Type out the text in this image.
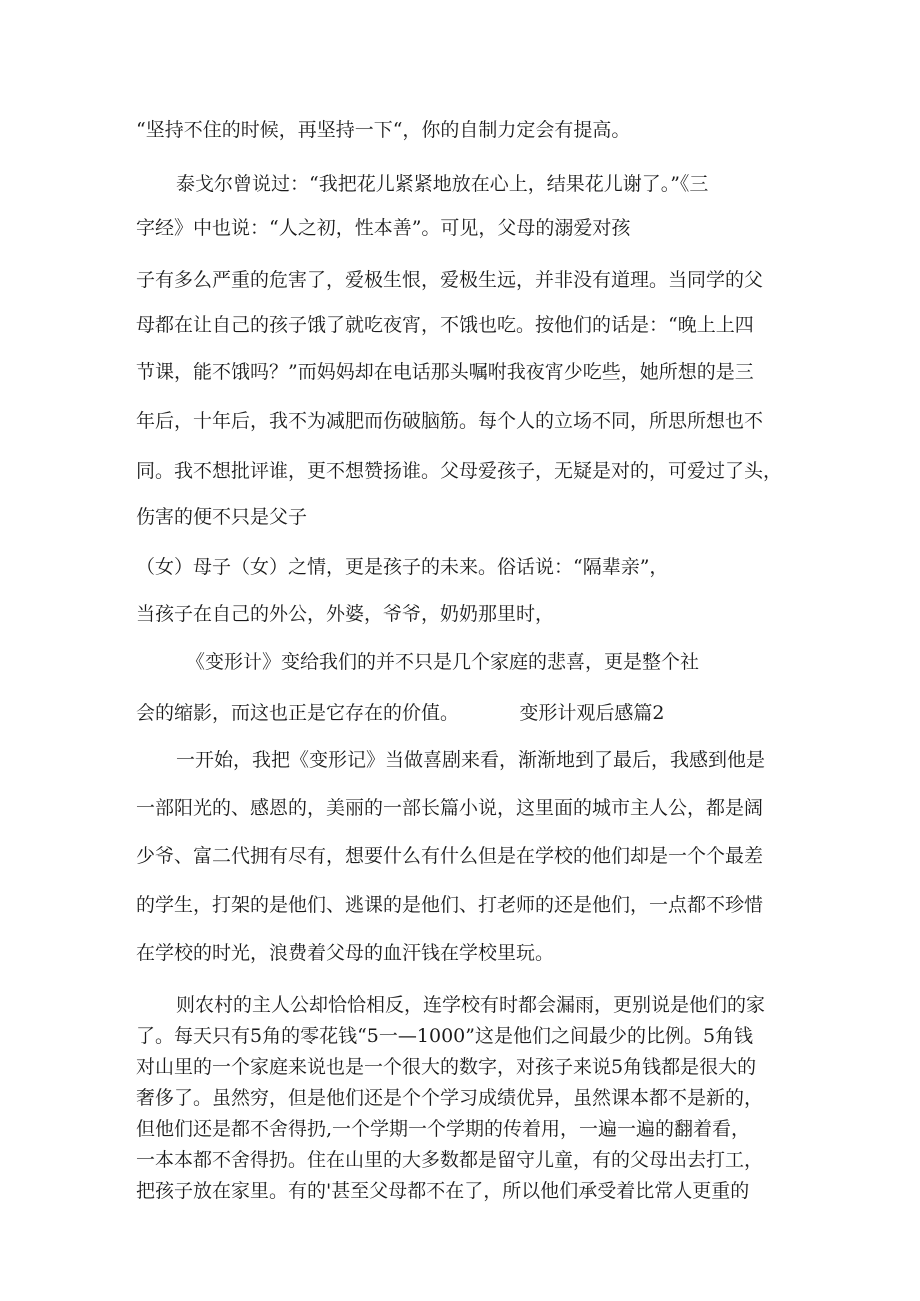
“坚持不住的时候，再坚持一下“，你的自制力定会有提高。
泰戈尔曾说过：“我把花儿紧紧地放在心上，结果花儿谢了。”《三
字经》中也说：“人之初，性本善”。可见，父母的溺爱对孩
子有多么严重的危害了，爱极生恨，爱极生远，并非没有道理。当同学的父
母都在让自己的孩子饿了就吃夜宵，不饿也吃。按他们的话是：“晚上上四
节课，能不饿吗？”而妈妈却在电话那头嘱咐我夜宵少吃些，她所想的是三
年后，十年后，我不为减肥而伤破脑筋。每个人的立场不同，所思所想也不
同。我不想批评谁，更不想赞扬谁。父母爱孩子，无疑是对的，可爱过了头，
伤害的便不只是父子
（女）母子（女）之情，更是孩子的未来。俗话说：“隔辈亲”，
当孩子在自己的外公，外婆，爷爷，奶奶那里时，
《变形计》变给我们的并不只是几个家庭的悲喜，更是整个社
会的缩影，而这也正是它存在的价值。          变形计观后感篇2
一开始，我把《变形记》当做喜剧来看，渐渐地到了最后，我感到他是
一部阳光的、感恩的，美丽的一部长篇小说，这里面的城市主人公，都是阔
少爷、富二代拥有尽有，想要什么有什么但是在学校的他们却是一个个最差
的学生，打架的是他们、逃课的是他们、打老师的还是他们，一点都不珍惜
在学校的时光，浪费着父母的血汗钱在学校里玩。
则农村的主人公却恰恰相反，连学校有时都会漏雨，更别说是他们的家
了。每天只有5角的零花钱“5一—1000”这是他们之间最少的比例。5角钱
对山里的一个家庭来说也是一个很大的数字，对孩子来说5角钱都是很大的
奢侈了。虽然穷，但是他们还是个个学习成绩优异，虽然课本都不是新的，
但他们还是都不舍得扔,一个学期一个学期的传着用，一遍一遍的翻着看，
一本本都不舍得扔。住在山里的大多数都是留守儿童，有的父母出去打工，
把孩子放在家里。有的'甚至父母都不在了，所以他们承受着比常人更重的
